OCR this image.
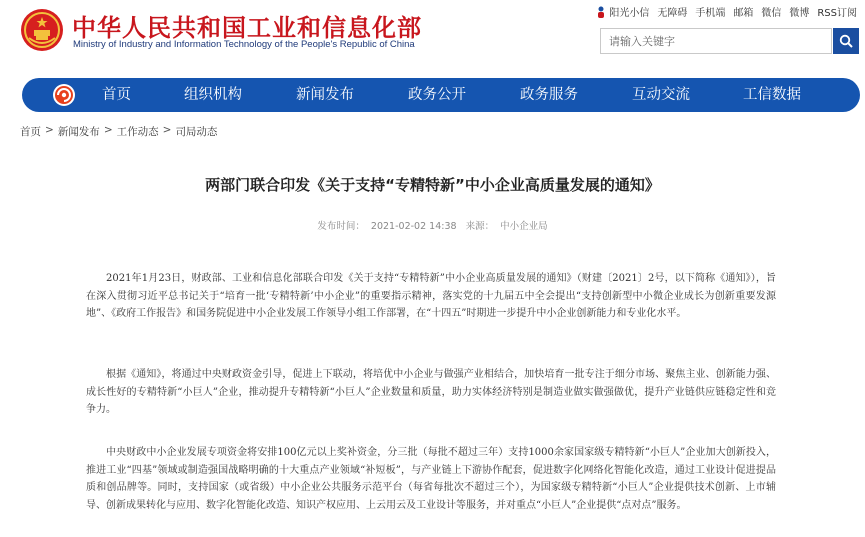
中华人民共和国工业和信息化部
Ministry of Industry and Information Technology of the People's Republic of China
阳光小信 无障碍 手机端 邮箱 微信 微博 RSS订阅
请输入关键字
首页	组织机构	新闻发布	政务公开	政务服务	互动交流	工信数据
首页 > 新闻发布 > 工作动态 > 司局动态
两部门联合印发《关于支持“专精特新”中小企业高质量发展的通知》
发布时间： 2021-02-02 14:38 来源： 中小企业局

2021年1月23日，财政部、工业和信息化部联合印发《关于支持“专精特新”中小企业高质量发展的通知》（财建〔2021〕2号，以下简称《通知》），旨在深入贯彻习近平总书记关于“培育一批‘专精特新’中小企业”的重要指示精神，落实党的十九届五中全会提出“支持创新型中小微企业成长为创新重要发源地”、《政府工作报告》和国务院促进中小企业发展工作领导小组工作部署，在“十四五”时期进一步提升中小企业创新能力和专业化水平。

根据《通知》，将通过中央财政资金引导，促进上下联动，将培优中小企业与做强产业相结合，加快培育一批专注于细分市场、聚焦主业、创新能力强、成长性好的专精特新“小巨人”企业，推动提升专精特新“小巨人”企业数量和质量，助力实体经济特别是制造业做实做强做优，提升产业链供应链稳定性和竞争力。

中央财政中小企业发展专项资金将安排100亿元以上奖补资金，分三批（每批不超过三年）支持1000余家国家级专精特新“小巨人”企业加大创新投入，推进工业“四基”领域或制造强国战略明确的十大重点产业领域“补短板”，与产业链上下游协作配套，促进数字化网络化智能化改造，通过工业设计促进提品质和创品牌等。同时，支持国家（或省级）中小企业公共服务示范平台（每省每批次不超过三个），为国家级专精特新“小巨人”企业提供技术创新、上市辅导、创新成果转化与应用、数字化智能化改造、知识产权应用、上云用云及工业设计等服务，并对重点“小巨人”企业提供“点对点”服务。
